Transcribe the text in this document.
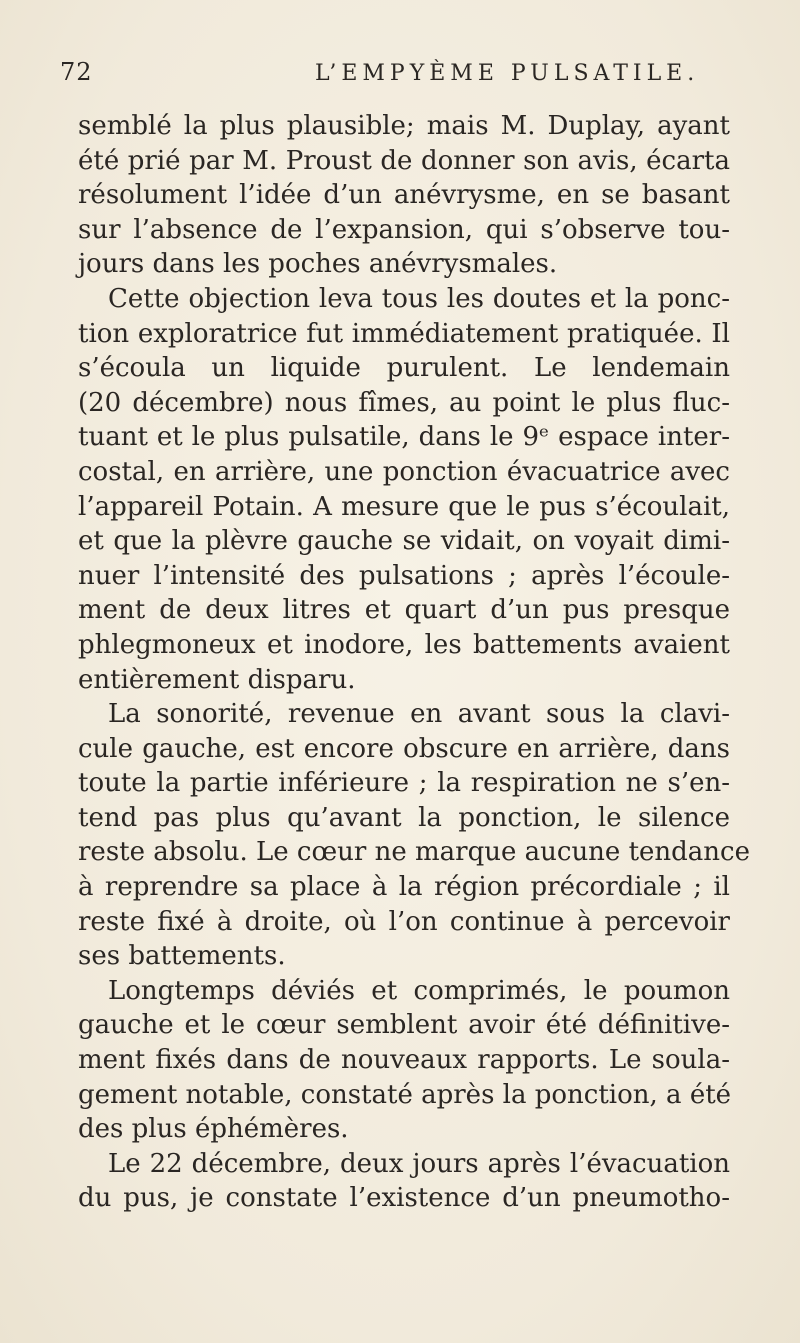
72	L’EMPYÈME PULSATILE.
semblé la plus plausible; mais M. Duplay, ayant
été prié par M. Proust de donner son avis, écarta
résolument l’idée d’un anévrysme, en se basant
sur l’absence de l’expansion, qui s’observe tou-
jours dans les poches anévrysmales.
Cette objection leva tous les doutes et la ponc-
tion exploratrice fut immédiatement pratiquée. Il
s’écoula un liquide purulent. Le lendemain
(20 décembre) nous fîmes, au point le plus fluc-
tuant et le plus pulsatile, dans le 9ᵉ espace inter-
costal, en arrière, une ponction évacuatrice avec
l’appareil Potain. A mesure que le pus s’écoulait,
et que la plèvre gauche se vidait, on voyait dimi-
nuer l’intensité des pulsations ; après l’écoule-
ment de deux litres et quart d’un pus presque
phlegmoneux et inodore, les battements avaient
entièrement disparu.
La sonorité, revenue en avant sous la clavi-
cule gauche, est encore obscure en arrière, dans
toute la partie inférieure ; la respiration ne s’en-
tend pas plus qu’avant la ponction, le silence
reste absolu. Le cœur ne marque aucune tendance
à reprendre sa place à la région précordiale ; il
reste fixé à droite, où l’on continue à percevoir
ses battements.
Longtemps déviés et comprimés, le poumon
gauche et le cœur semblent avoir été définitive-
ment fixés dans de nouveaux rapports. Le soula-
gement notable, constaté après la ponction, a été
des plus éphémères.
Le 22 décembre, deux jours après l’évacuation
du pus, je constate l’existence d’un pneumotho-
